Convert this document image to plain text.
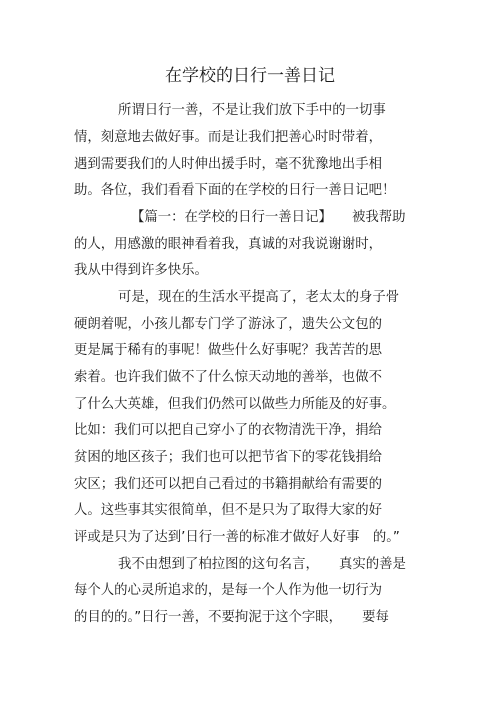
在学校的日行一善日记
所谓日行一善，不是让我们放下手中的一切事
情，刻意地去做好事。而是让我们把善心时时带着，
遇到需要我们的人时伸出援手时，毫不犹豫地出手相
助。各位，我们看看下面的在学校的日行一善日记吧！
【篇一：在学校的日行一善日记】　　被我帮助
的人，用感激的眼神看着我，真诚的对我说谢谢时，
我从中得到许多快乐。
可是，现在的生活水平提高了，老太太的身子骨
硬朗着呢，小孩儿都专门学了游泳了，遗失公文包的
更是属于稀有的事呢！做些什么好事呢？我苦苦的思
索着。也许我们做不了什么惊天动地的善举，也做不
了什么大英雄，但我们仍然可以做些力所能及的好事。
比如：我们可以把自己穿小了的衣物清洗干净，捐给
贫困的地区孩子；我们也可以把节省下的零花钱捐给
灾区；我们还可以把自己看过的书籍捐献给有需要的
人。这些事其实很简单，但不是只为了取得大家的好
评或是只为了达到’日行一善的标准才做好人好事　的。”
我不由想到了柏拉图的这句名言，　　真实的善是
每个人的心灵所追求的，是每一个人作为他一切行为
的目的的。”日行一善，不要拘泥于这个字眼，　　要每
